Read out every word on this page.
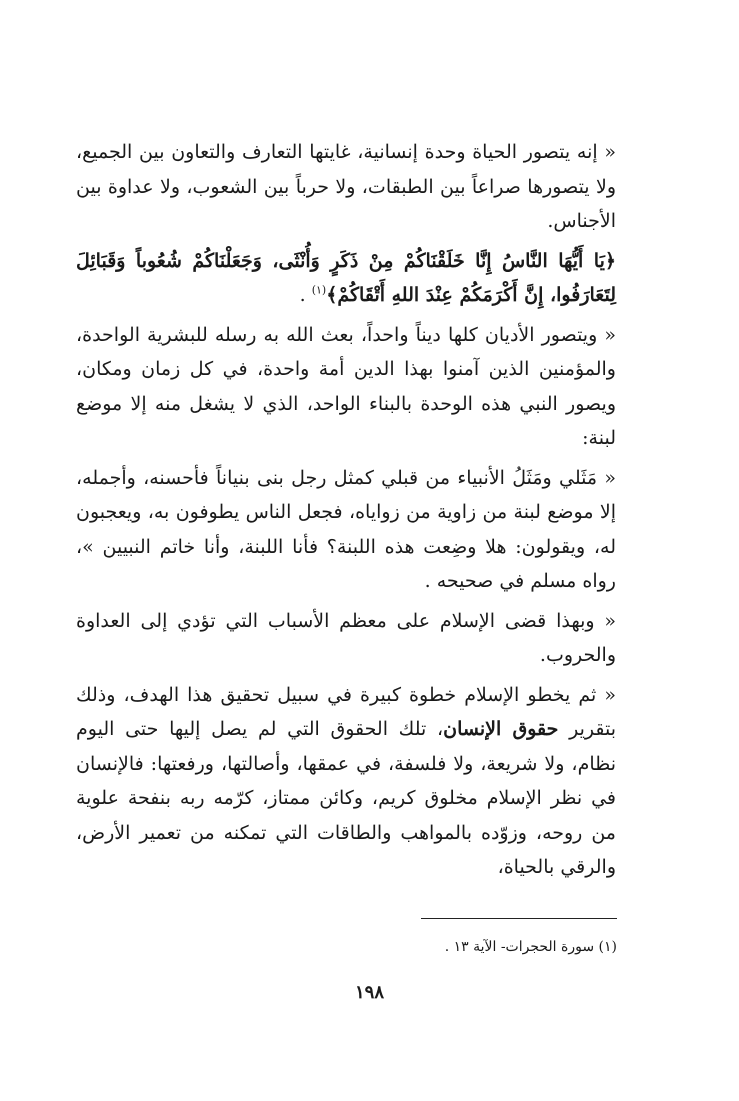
« إنه يتصور الحياة وحدة إنسانية، غايتها التعارف والتعاون بين الجميع، ولا يتصورها صراعاً بين الطبقات، ولا حرباً بين الشعوب، ولا عداوة بين الأجناس.

﴿يَا أَيُّهَا النَّاسُ إِنَّا خَلَقْنَاكُمْ مِنْ ذَكَرٍ وَأُنْثَى، وَجَعَلْنَاكُمْ شُعُوباً وَقَبَائِلَ لِتَعَارَفُوا، إِنَّ أَكْرَمَكُمْ عِنْدَ اللهِ أَتْقَاكُمْ﴾$^{(١)}$ .

« ويتصور الأديان كلها ديناً واحداً، بعث الله به رسله للبشرية الواحدة، والمؤمنين الذين آمنوا بهذا الدين أمة واحدة، في كل زمان ومكان، ويصور النبي هذه الوحدة بالبناء الواحد، الذي لا يشغل منه إلا موضع لبنة:

« مَثَلي ومَثَلُ الأنبياء من قبلي كمثل رجل بنى بنياناً فأحسنه، وأجمله، إلا موضع لبنة من زاوية من زواياه، فجعل الناس يطوفون به، ويعجبون له، ويقولون: هلا وضِعت هذه اللبنة؟ فأنا اللبنة، وأنا خاتم النبيين »، رواه مسلم في صحيحه .

« وبهذا قضى الإسلام على معظم الأسباب التي تؤدي إلى العداوة والحروب.

« ثم يخطو الإسلام خطوة كبيرة في سبيل تحقيق هذا الهدف، وذلك بتقرير حقوق الإنسان، تلك الحقوق التي لم يصل إليها حتى اليوم نظام، ولا شريعة، ولا فلسفة، في عمقها، وأصالتها، ورفعتها: فالإنسان في نظر الإسلام مخلوق كريم، وكائن ممتاز، كرّمه ربه بنفحة علوية من روحه، وزوّده بالمواهب والطاقات التي تمكنه من تعمير الأرض، والرقي بالحياة،

(١) سورة الحجرات- الآية ١٣ .
١٩٨
